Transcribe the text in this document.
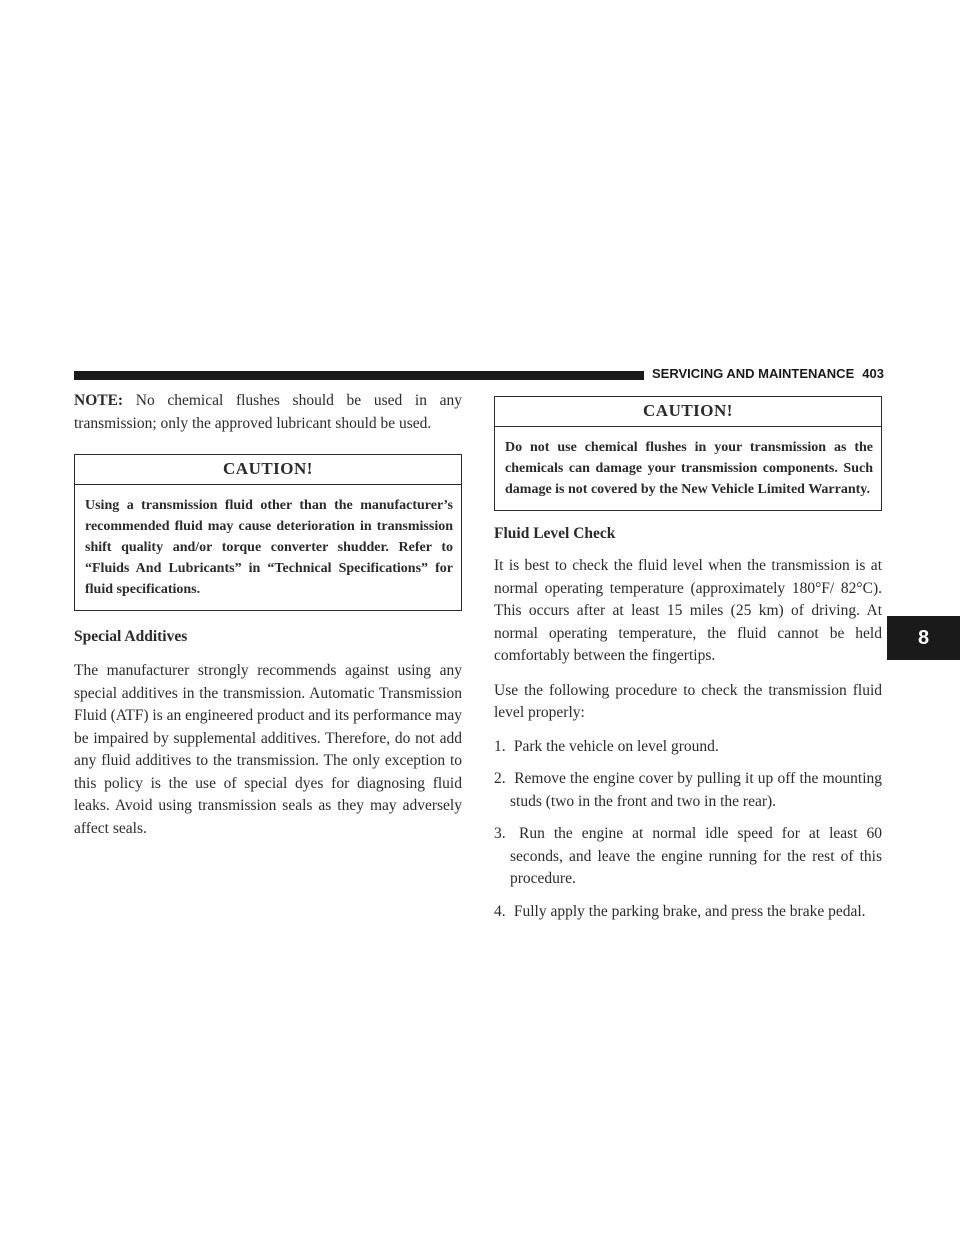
SERVICING AND MAINTENANCE 403
8

NOTE: No chemical flushes should be used in any transmission; only the approved lubricant should be used.

CAUTION!
Using a transmission fluid other than the manufacturer’s recommended fluid may cause deterioration in transmission shift quality and/or torque converter shudder. Refer to “Fluids And Lubricants” in “Technical Specifications” for fluid specifications.
Special Additives

The manufacturer strongly recommends against using any special additives in the transmission. Automatic Transmission Fluid (ATF) is an engineered product and its performance may be impaired by supplemental additives. Therefore, do not add any fluid additives to the transmission. The only exception to this policy is the use of special dyes for diagnosing fluid leaks. Avoid using transmission seals as they may adversely affect seals.

CAUTION!
Do not use chemical flushes in your transmission as the chemicals can damage your transmission components. Such damage is not covered by the New Vehicle Limited Warranty.
Fluid Level Check

It is best to check the fluid level when the transmission is at normal operating temperature (approximately 180°F/ 82°C). This occurs after at least 15 miles (25 km) of driving. At normal operating temperature, the fluid cannot be held comfortably between the fingertips.

Use the following procedure to check the transmission fluid level properly:

1. Park the vehicle on level ground.
2. Remove the engine cover by pulling it up off the mounting studs (two in the front and two in the rear).
3. Run the engine at normal idle speed for at least 60 seconds, and leave the engine running for the rest of this procedure.
4. Fully apply the parking brake, and press the brake pedal.
